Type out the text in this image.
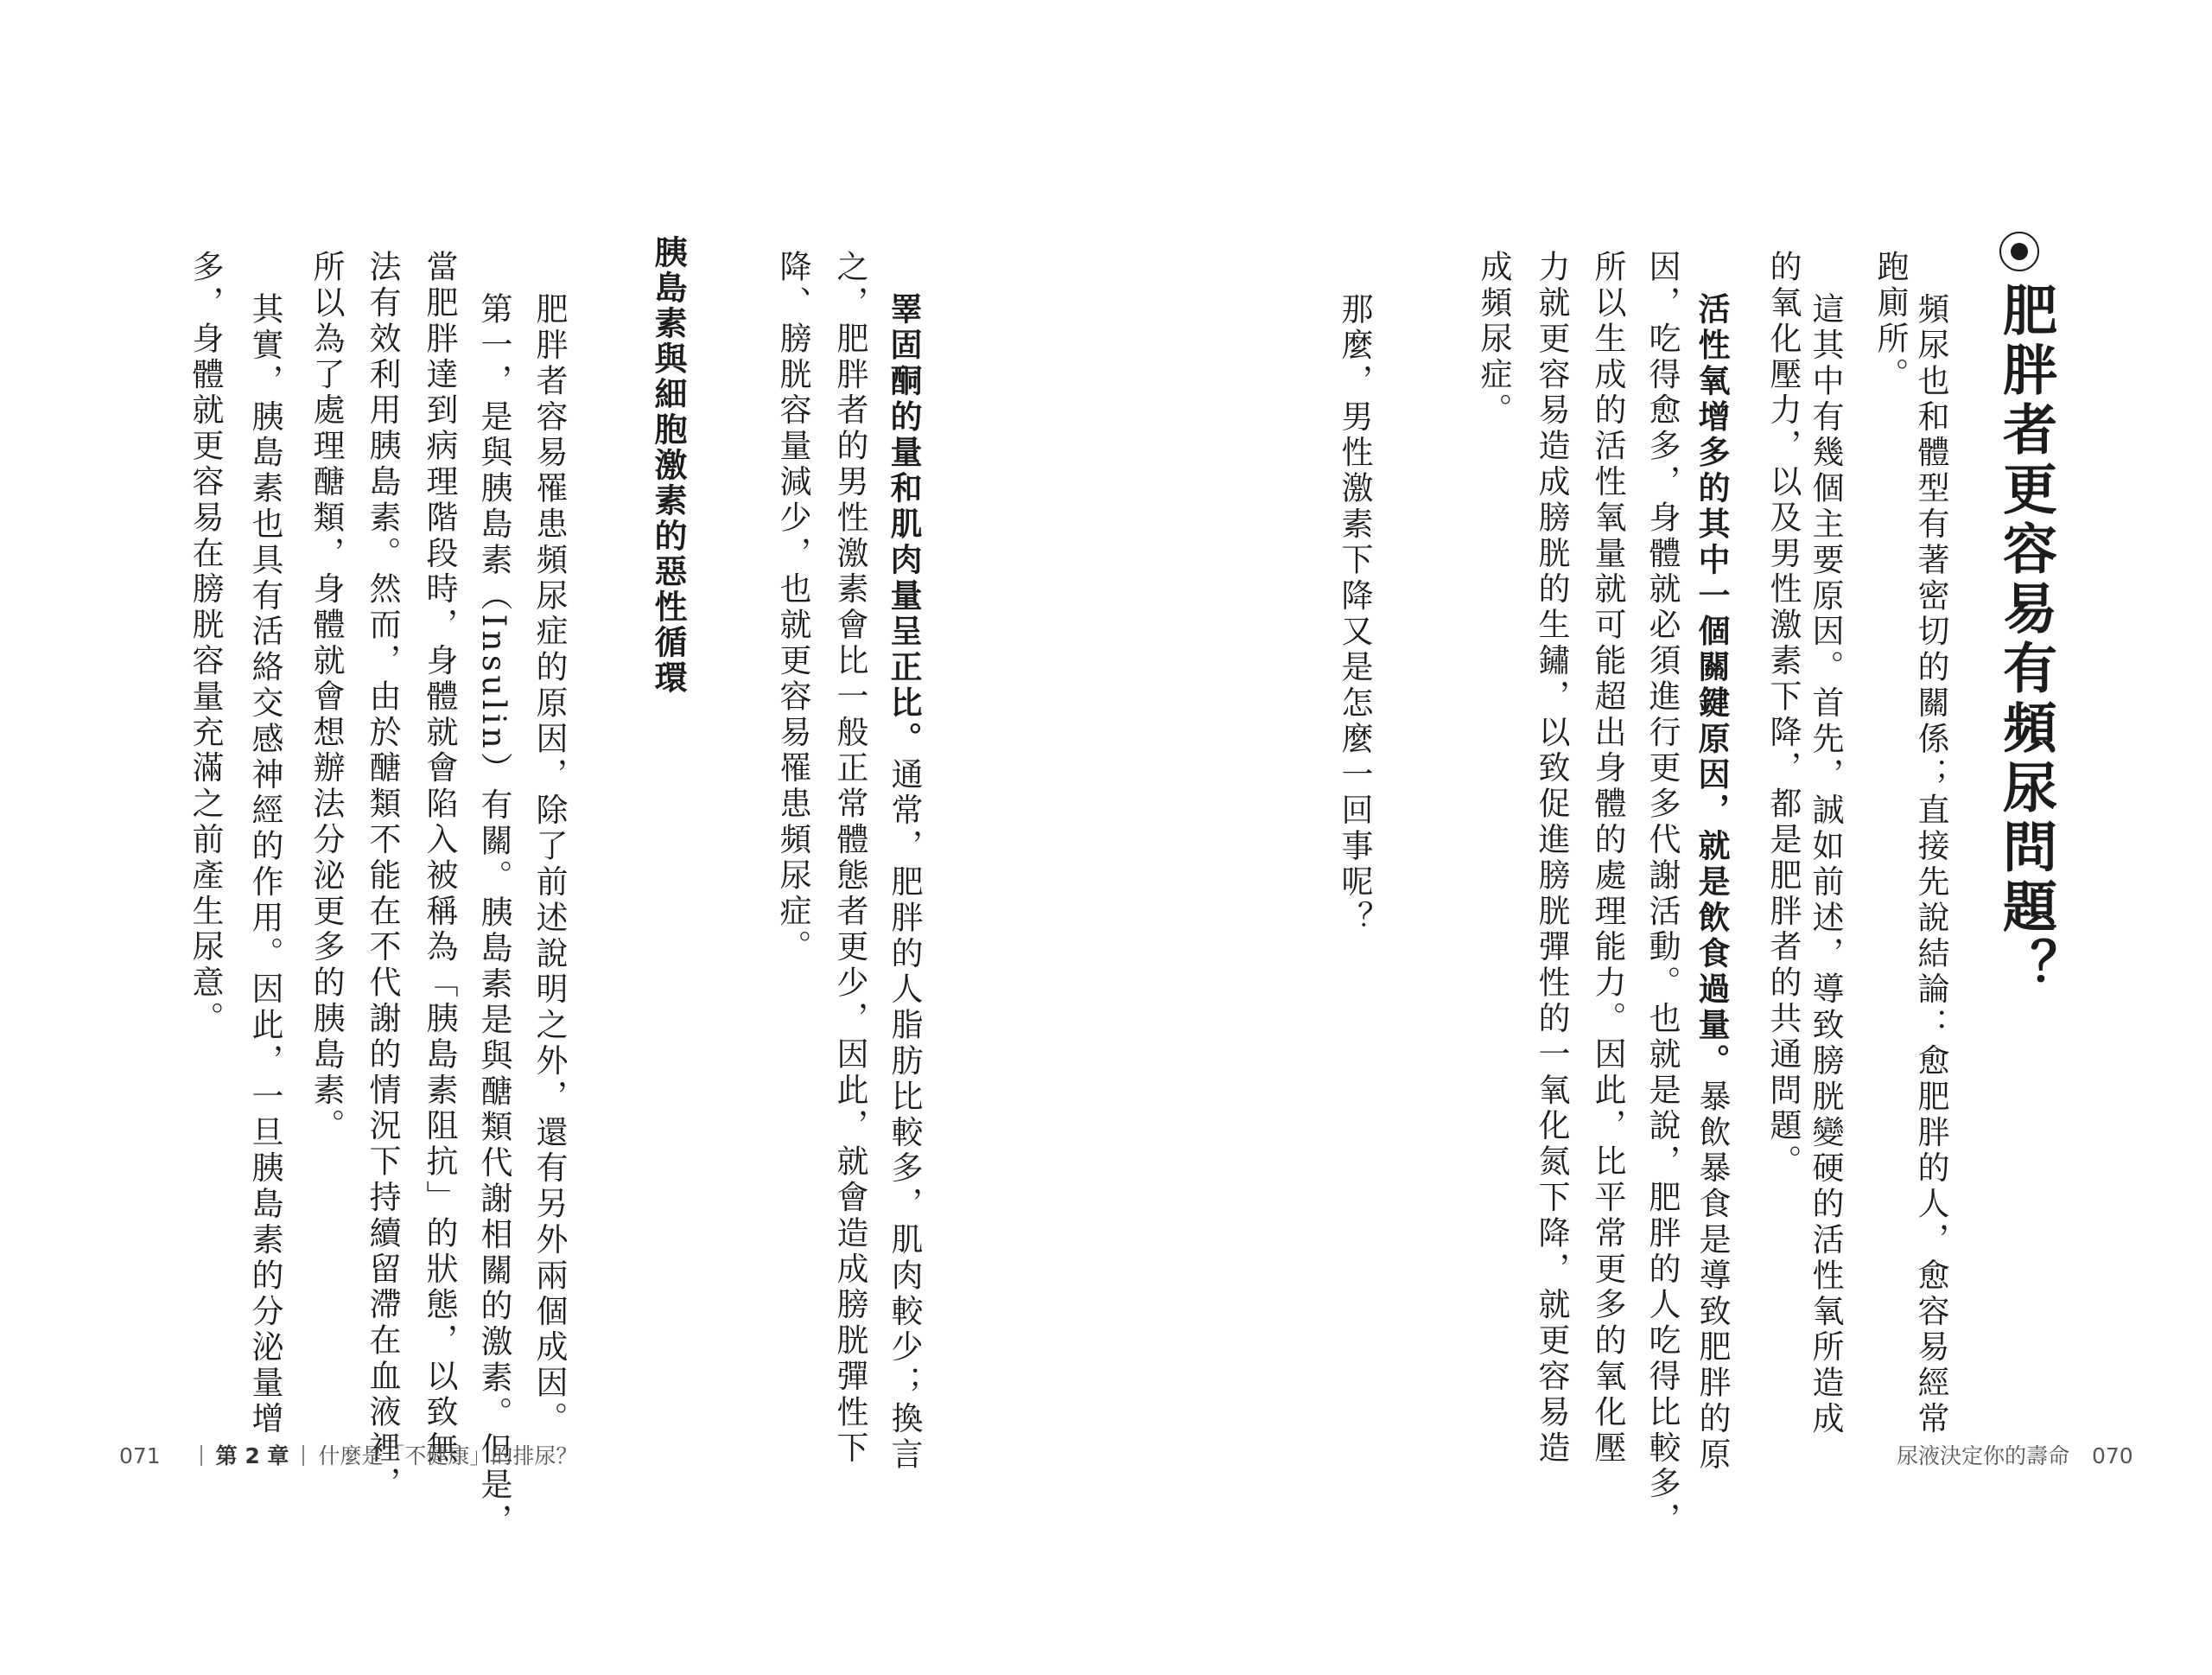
肥胖者更容易有頻尿問題？
頻尿也和體型有著密切的關係；直接先說結論：愈肥胖的人，愈容易經常
跑廁所。
這其中有幾個主要原因。首先，誠如前述，導致膀胱變硬的活性氧所造成
的氧化壓力，以及男性激素下降，都是肥胖者的共通問題。
活性氧增多的其中一個關鍵原因，就是飲食過量。暴飲暴食是導致肥胖的原
因，吃得愈多，身體就必須進行更多代謝活動。也就是說，肥胖的人吃得比較多，
所以生成的活性氧量就可能超出身體的處理能力。因此，比平常更多的氧化壓
力就更容易造成膀胱的生鏽，以致促進膀胱彈性的一氧化氮下降，就更容易造
成頻尿症。
那麼，男性激素下降又是怎麼一回事呢？
尿液決定你的壽命 070
睪固酮的量和肌肉量呈正比。通常，肥胖的人脂肪比較多，肌肉較少；換言
之，肥胖者的男性激素會比一般正常體態者更少，因此，就會造成膀胱彈性下
降、膀胱容量減少，也就更容易罹患頻尿症。
胰島素與細胞激素的惡性循環
肥胖者容易罹患頻尿症的原因，除了前述說明之外，還有另外兩個成因。
第一，是與胰島素（Insulin）有關。胰島素是與醣類代謝相關的激素。但是，
當肥胖達到病理階段時，身體就會陷入被稱為「胰島素阻抗」的狀態，以致無
法有效利用胰島素。然而，由於醣類不能在不代謝的情況下持續留滯在血液裡，
所以為了處理醣類，身體就會想辦法分泌更多的胰島素。
其實，胰島素也具有活絡交感神經的作用。因此，一旦胰島素的分泌量增
多，身體就更容易在膀胱容量充滿之前產生尿意。
071	第 2 章 什麼是「不健康」的排尿？
